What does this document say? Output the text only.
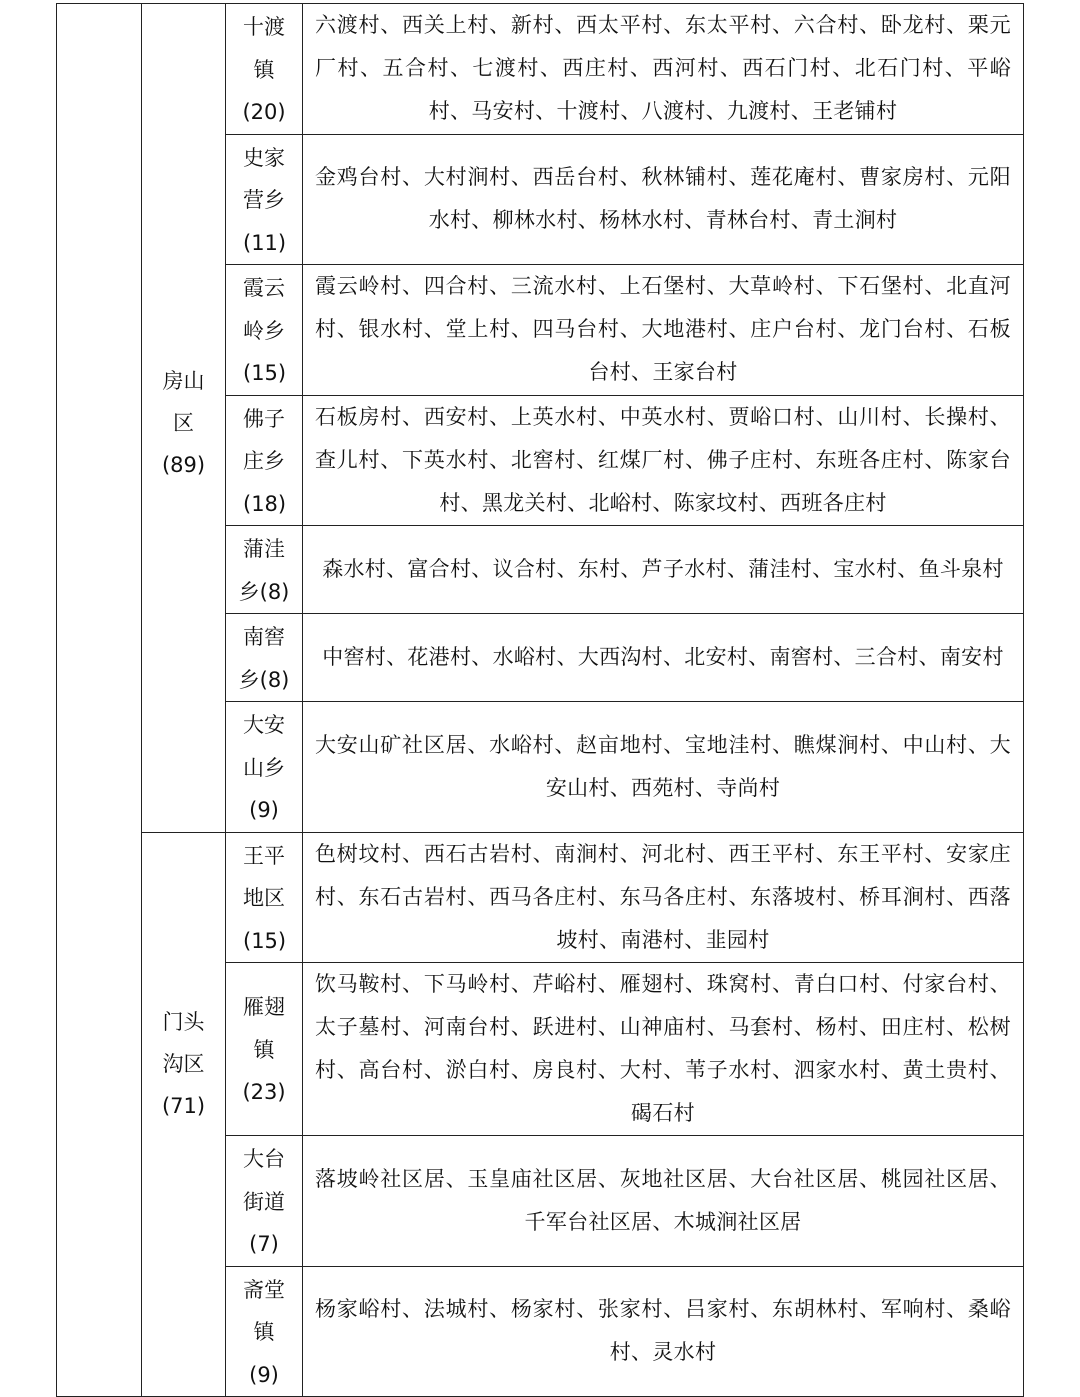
	房山区(89)	十渡镇(20)	六渡村、西关上村、新村、西太平村、东太平村、六合村、卧龙村、栗元厂村、五合村、七渡村、西庄村、西河村、西石门村、北石门村、平峪村、马安村、十渡村、八渡村、九渡村、王老铺村

		史家营乡(11)	金鸡台村、大村涧村、西岳台村、秋林铺村、莲花庵村、曹家房村、元阳水村、柳林水村、杨林水村、青林台村、青土涧村

		霞云岭乡(15)	霞云岭村、四合村、三流水村、上石堡村、大草岭村、下石堡村、北直河村、银水村、堂上村、四马台村、大地港村、庄户台村、龙门台村、石板台村、王家台村

		佛子庄乡(18)	石板房村、西安村、上英水村、中英水村、贾峪口村、山川村、长操村、查儿村、下英水村、北窖村、红煤厂村、佛子庄村、东班各庄村、陈家台村、黑龙关村、北峪村、陈家坟村、西班各庄村

		蒲洼乡(8)	森水村、富合村、议合村、东村、芦子水村、蒲洼村、宝水村、鱼斗泉村

		南窖乡(8)	中窖村、花港村、水峪村、大西沟村、北安村、南窖村、三合村、南安村

		大安山乡(9)	大安山矿社区居、水峪村、赵亩地村、宝地洼村、瞧煤涧村、中山村、大安山村、西苑村、寺尚村

	门头沟区(71)	王平地区(15)	色树坟村、西石古岩村、南涧村、河北村、西王平村、东王平村、安家庄村、东石古岩村、西马各庄村、东马各庄村、东落坡村、桥耳涧村、西落坡村、南港村、韭园村

		雁翅镇(23)	饮马鞍村、下马岭村、芹峪村、雁翅村、珠窝村、青白口村、付家台村、太子墓村、河南台村、跃进村、山神庙村、马套村、杨村、田庄村、松树村、高台村、淤白村、房良村、大村、苇子水村、泗家水村、黄土贵村、碣石村

		大台街道(7)	落坡岭社区居、玉皇庙社区居、灰地社区居、大台社区居、桃园社区居、千军台社区居、木城涧社区居

		斋堂镇(9)	杨家峪村、法城村、杨家村、张家村、吕家村、东胡林村、军响村、桑峪村、灵水村
